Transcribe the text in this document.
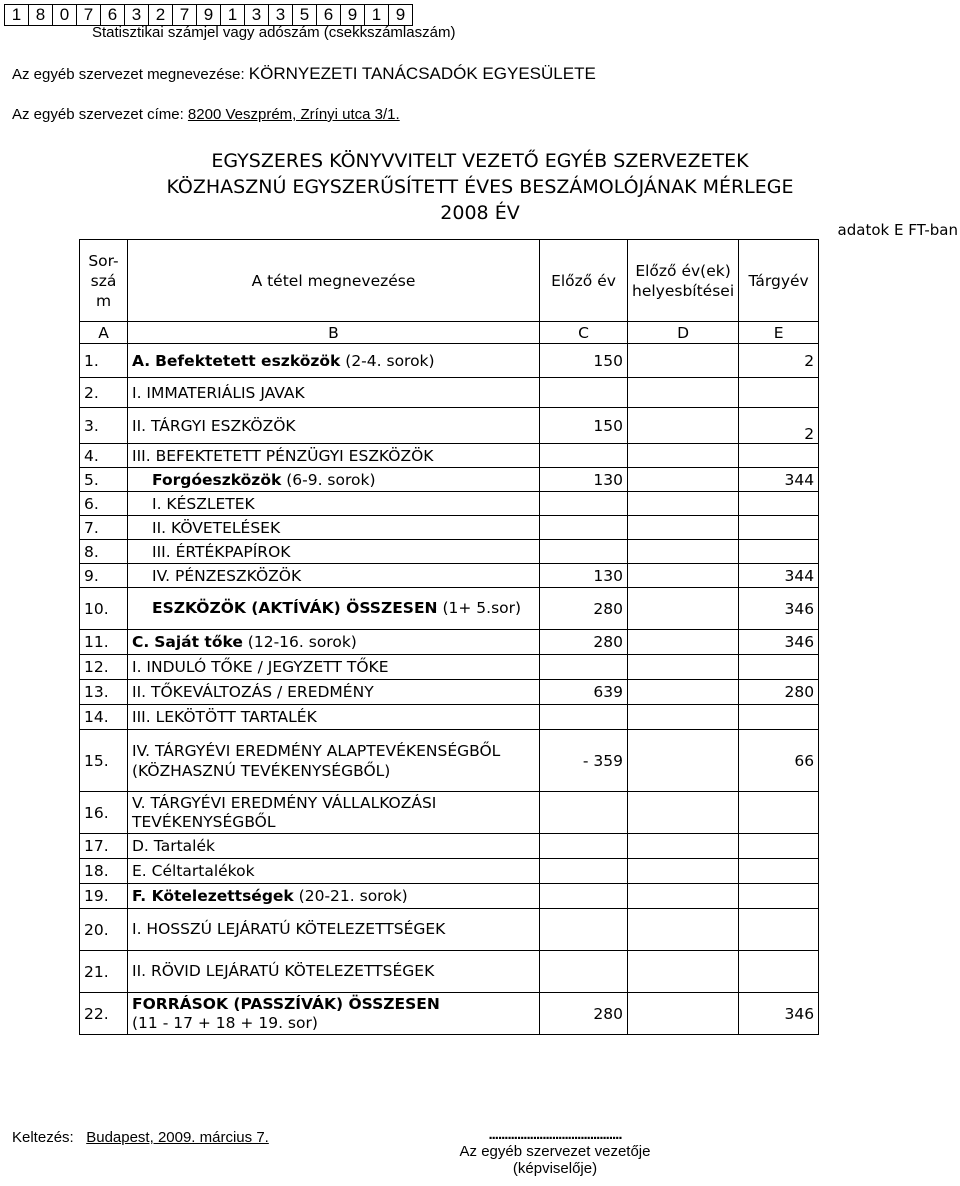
1 8 0 7 6 3 2 7 9 1 3 3 5 6 9 1 9
Statisztikai számjel vagy adószám (csekkszámlaszám)
Az egyéb szervezet megnevezése: KÖRNYEZETI TANÁCSADÓK EGYESÜLETE
Az egyéb szervezet címe: 8200 Veszprém, Zrínyi utca 3/1.
EGYSZERES KÖNYVVITELT VEZETŐ EGYÉB SZERVEZETEK
KÖZHASZNÚ EGYSZERŰSÍTETT ÉVES BESZÁMOLÓJÁNAK MÉRLEGE
2008 ÉV
adatok E FT-ban
Sor-szá m	A tétel megnevezése	Előző év	Előző év(ek) helyesbítései	Tárgyév
A	B	C	D	E
1.	A. Befektetett eszközök (2-4. sorok)	150		2
2.	I. IMMATERIÁLIS JAVAK			
3.	II. TÁRGYI ESZKÖZÖK	150		2
4.	III. BEFEKTETETT PÉNZÜGYI ESZKÖZÖK			
5.	Forgóeszközök (6-9. sorok)	130		344
6.	I. KÉSZLETEK			
7.	II. KÖVETELÉSEK			
8.	III. ÉRTÉKPAPÍROK			
9.	IV. PÉNZESZKÖZÖK	130		344
10.	ESZKÖZÖK (AKTÍVÁK) ÖSSZESEN (1+ 5.sor)	280		346
11.	C. Saját tőke (12-16. sorok)	280		346
12.	I. INDULÓ TŐKE / JEGYZETT TŐKE			
13.	II. TŐKEVÁLTOZÁS / EREDMÉNY	639		280
14.	III. LEKÖTÖTT TARTALÉK			
15.	IV. TÁRGYÉVI EREDMÉNY ALAPTEVÉKENSÉGBŐL (KÖZHASZNÚ TEVÉKENYSÉGBŐL)	- 359		66
16.	V. TÁRGYÉVI EREDMÉNY VÁLLALKOZÁSI TEVÉKENYSÉGBŐL			
17.	D. Tartalék			
18.	E. Céltartalékok			
19.	F. Kötelezettségek (20-21. sorok)			
20.	I. HOSSZÚ LEJÁRATÚ KÖTELEZETTSÉGEK			
21.	II. RÖVID LEJÁRATÚ KÖTELEZETTSÉGEK			
22.	FORRÁSOK (PASSZÍVÁK) ÖSSZESEN
(11 - 17 + 18 + 19. sor)	280		346
Keltezés: Budapest, 2009. március 7.	..........................................
Az egyéb szervezet vezetője
(képviselője)
